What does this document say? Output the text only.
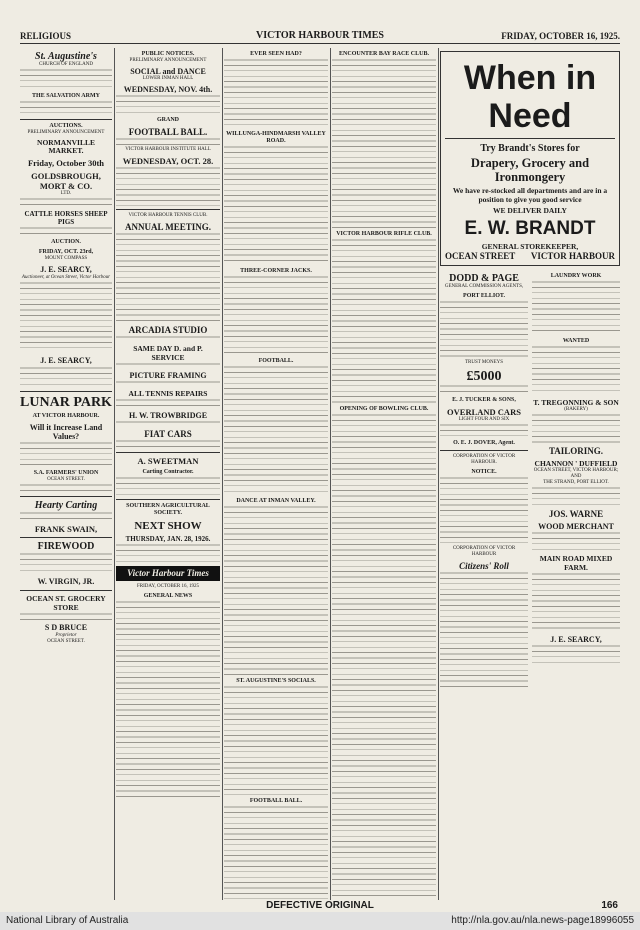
RELIGIOUS	VICTOR HARBOUR TIMES	FRIDAY, OCTOBER 16, 1925.
St. Augustine's
CHURCH OF ENGLAND
THE SALVATION ARMY
AUCTIONS.
PRELIMINARY ANNOUNCEMENT
NORMANVILLE MARKET.
Friday, October 30th
GOLDSBROUGH, MORT & CO.
LTD.
CATTLE HORSES SHEEP PIGS
AUCTION.
FRIDAY, OCT. 23rd,
MOUNT COMPASS
J. E. SEARCY,
Auctioneer, at Ocean Street, Victor Harbour
J. E. SEARCY,
LUNAR PARK
AT VICTOR HARBOUR.
Will it Increase Land Values?
S.A. FARMERS' UNION
OCEAN STREET.
Hearty Carting
FRANK SWAIN,
FIREWOOD
W. VIRGIN, JR.
OCEAN ST. GROCERY STORE
S D BRUCE
Proprietor
OCEAN STREET.
PUBLIC NOTICES.
PRELIMINARY ANNOUNCEMENT
SOCIAL and DANCE
LOWER INMAN HALL
WEDNESDAY, NOV. 4th.
GRAND
FOOTBALL BALL.
VICTOR HARBOUR INSTITUTE HALL
WEDNESDAY, OCT. 28.
VICTOR HARBOUR TENNIS CLUB.
ANNUAL MEETING.
ARCADIA STUDIO
SAME DAY D. and P. SERVICE
PICTURE FRAMING
ALL TENNIS REPAIRS
H. W. TROWBRIDGE
FIAT CARS
A. SWEETMAN
Carting Contractor.
SOUTHERN AGRICULTURAL SOCIETY.
NEXT SHOW
THURSDAY, JAN. 28, 1926.
Victor Harbour Times
FRIDAY, OCTOBER 16, 1925
GENERAL NEWS
EVER SEEN HAD?
WILLUNGA-HINDMARSH VALLEY ROAD.
THREE-CORNER JACKS.
FOOTBALL.
DANCE AT INMAN VALLEY.
ST. AUGUSTINE'S SOCIALS.
FOOTBALL BALL.
ENCOUNTER BAY RACE CLUB.
VICTOR HARBOUR RIFLE CLUB.
OPENING OF BOWLING CLUB.
When in Need
Try Brandt's Stores for
Drapery, Grocery and
Ironmongery
We have re-stocked all departments and are in a position to give you good service
WE DELIVER DAILY
E. W. BRANDT
GENERAL STOREKEEPER,
OCEAN STREET VICTOR HARBOUR
DODD & PAGE
GENERAL COMMISSION AGENTS,
PORT ELLIOT.
TRUST MONEYS
£5000
E. J. TUCKER & SONS,
OVERLAND CARS
LIGHT FOUR AND SIX
O. E. J. DOVER, Agent.
CORPORATION OF VICTOR HARBOUR.
NOTICE.
CORPORATION OF VICTOR HARBOUR
Citizens' Roll
LAUNDRY WORK
WANTED
T. TREGONNING & SON
(BAKERY)
TAILORING.
CHANNON ' DUFFIELD
OCEAN STREET, VICTOR HARBOUR;
AND
THE STRAND, PORT ELLIOT.
JOS. WARNE
WOOD MERCHANT
MAIN ROAD MIXED FARM.
J. E. SEARCY,
DEFECTIVE ORIGINAL	166
National Library of Australia	http://nla.gov.au/nla.news-page18996055
